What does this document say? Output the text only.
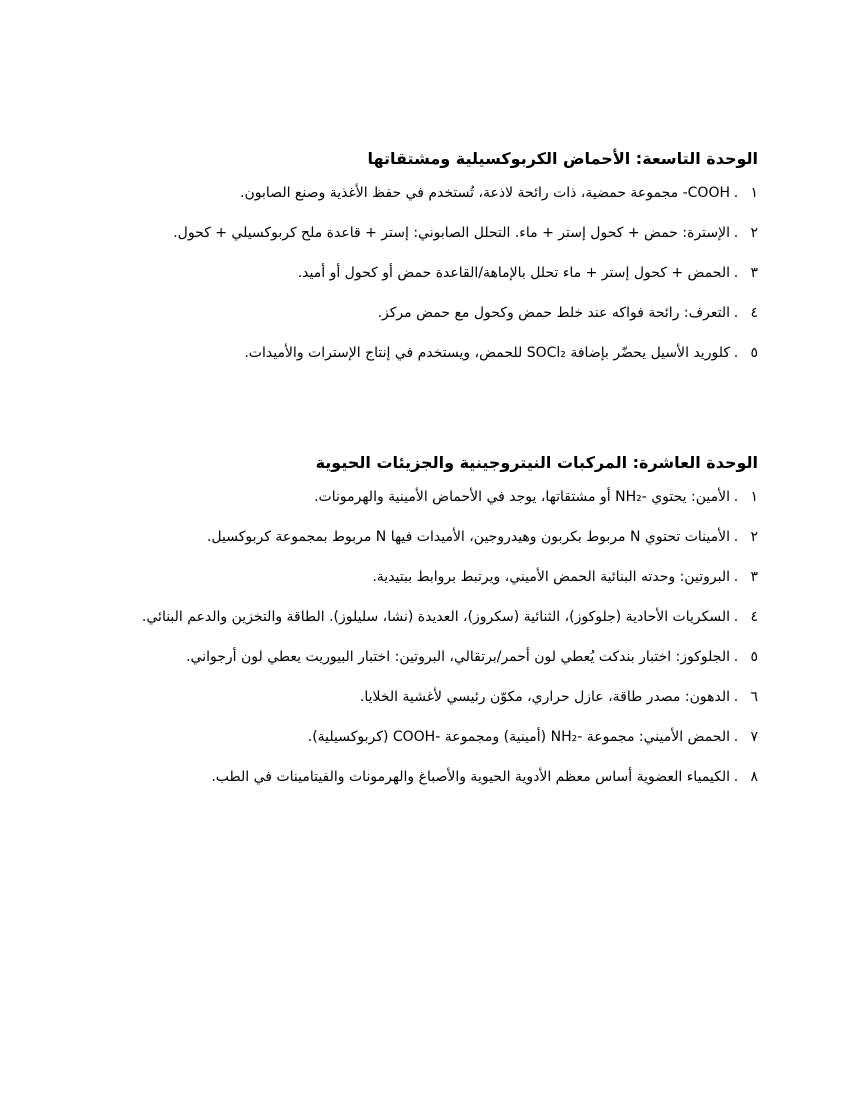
الوحدة التاسعة: الأحماض الكربوكسيلية ومشتقاتها
١
.
COOH- مجموعة حمضية، ذات رائحة لاذعة، تُستخدم في حفظ الأغذية وصنع الصابون.
٢
.
الإسترة: حمض + كحول إستر + ماء. التحلل الصابوني: إستر + قاعدة ملح كربوكسيلي + كحول.
٣
.
الحمض + كحول إستر + ماء تحلل بالإماهة/القاعدة حمض أو كحول أو أميد.
٤
.
التعرف: رائحة فواكه عند خلط حمض وكحول مع حمض مركز.
٥
.
كلوريد الأسيل يحضّر بإضافة SOCl₂ للحمض، ويستخدم في إنتاج الإسترات والأميدات.
الوحدة العاشرة: المركبات النيتروجينية والجزيئات الحيوية
١
.
الأمين: يحتوي -NH₂ أو مشتقاتها، يوجد في الأحماض الأمينية والهرمونات.
٢
.
الأمينات تحتوي N مربوط بكربون وهيدروجين، الأميدات فيها N مربوط بمجموعة كربوكسيل.
٣
.
البروتين: وحدته البنائية الحمض الأميني، ويرتبط بروابط ببتيدية.
٤
.
السكريات الأحادية (جلوكوز)، الثنائية (سكروز)، العديدة (نشا، سليلوز). الطاقة والتخزين والدعم البنائي.
٥
.
الجلوكوز: اختبار بندكت يُعطي لون أحمر/برتقالي، البروتين: اختبار البيوريت يعطي لون أرجواني.
٦
.
الدهون: مصدر طاقة، عازل حراري، مكوّن رئيسي لأغشية الخلايا.
٧
.
الحمض الأميني: مجموعة -NH₂ (أمينية) ومجموعة -COOH (كربوكسيلية).
٨
.
الكيمياء العضوية أساس معظم الأدوية الحيوية والأصباغ والهرمونات والفيتامينات في الطب.
